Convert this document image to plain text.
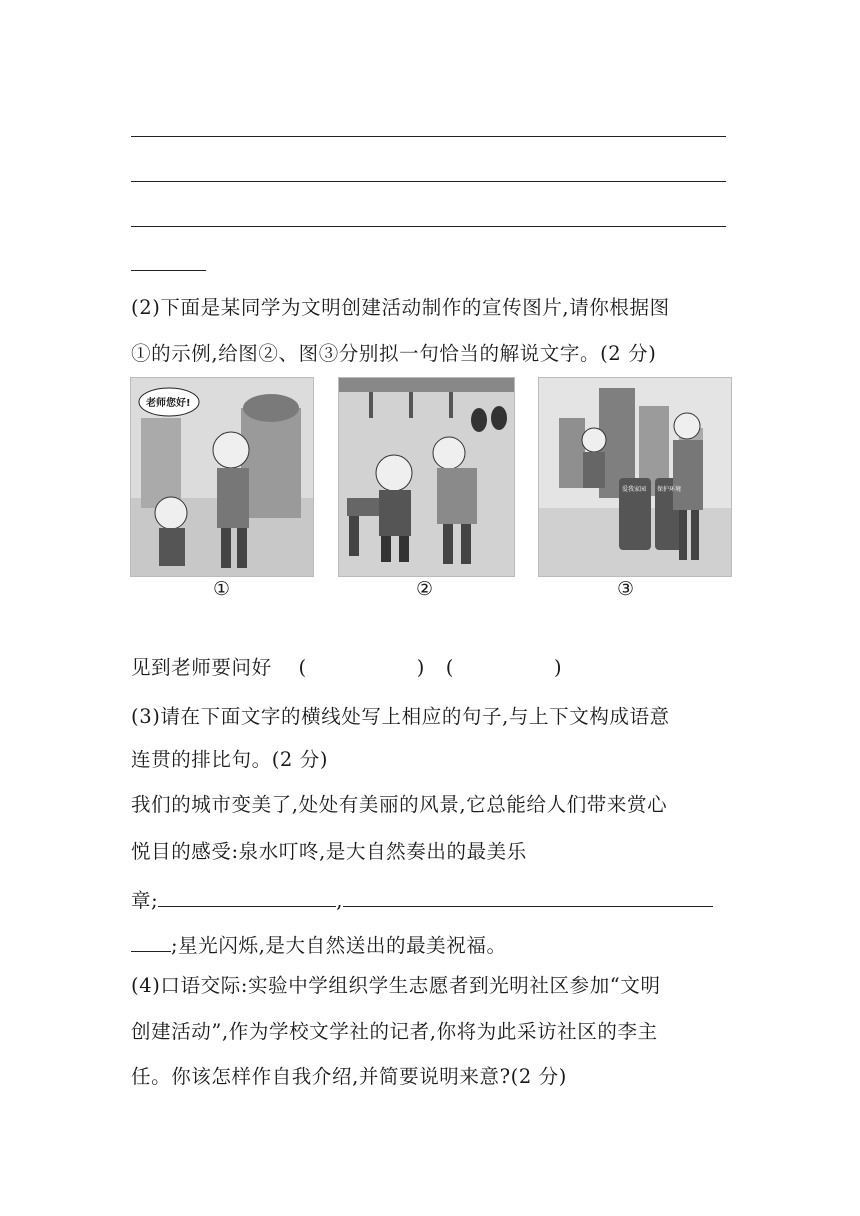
(2)下面是某同学为文明创建活动制作的宣传图片,请你根据图
①的示例,给图②、图③分别拟一句恰当的解说文字。(2 分)
老师您好!
爱我家园 保护环境
①	②	③
见到老师要问好 (	) (	)
(3)请在下面文字的横线处写上相应的句子,与上下文构成语意
连贯的排比句。(2 分)
我们的城市变美了,处处有美丽的风景,它总能给人们带来赏心
悦目的感受:泉水叮咚,是大自然奏出的最美乐
章;	,
;星光闪烁,是大自然送出的最美祝福。
(4)口语交际:实验中学组织学生志愿者到光明社区参加“文明
创建活动”,作为学校文学社的记者,你将为此采访社区的李主
任。你该怎样作自我介绍,并简要说明来意?(2 分)
